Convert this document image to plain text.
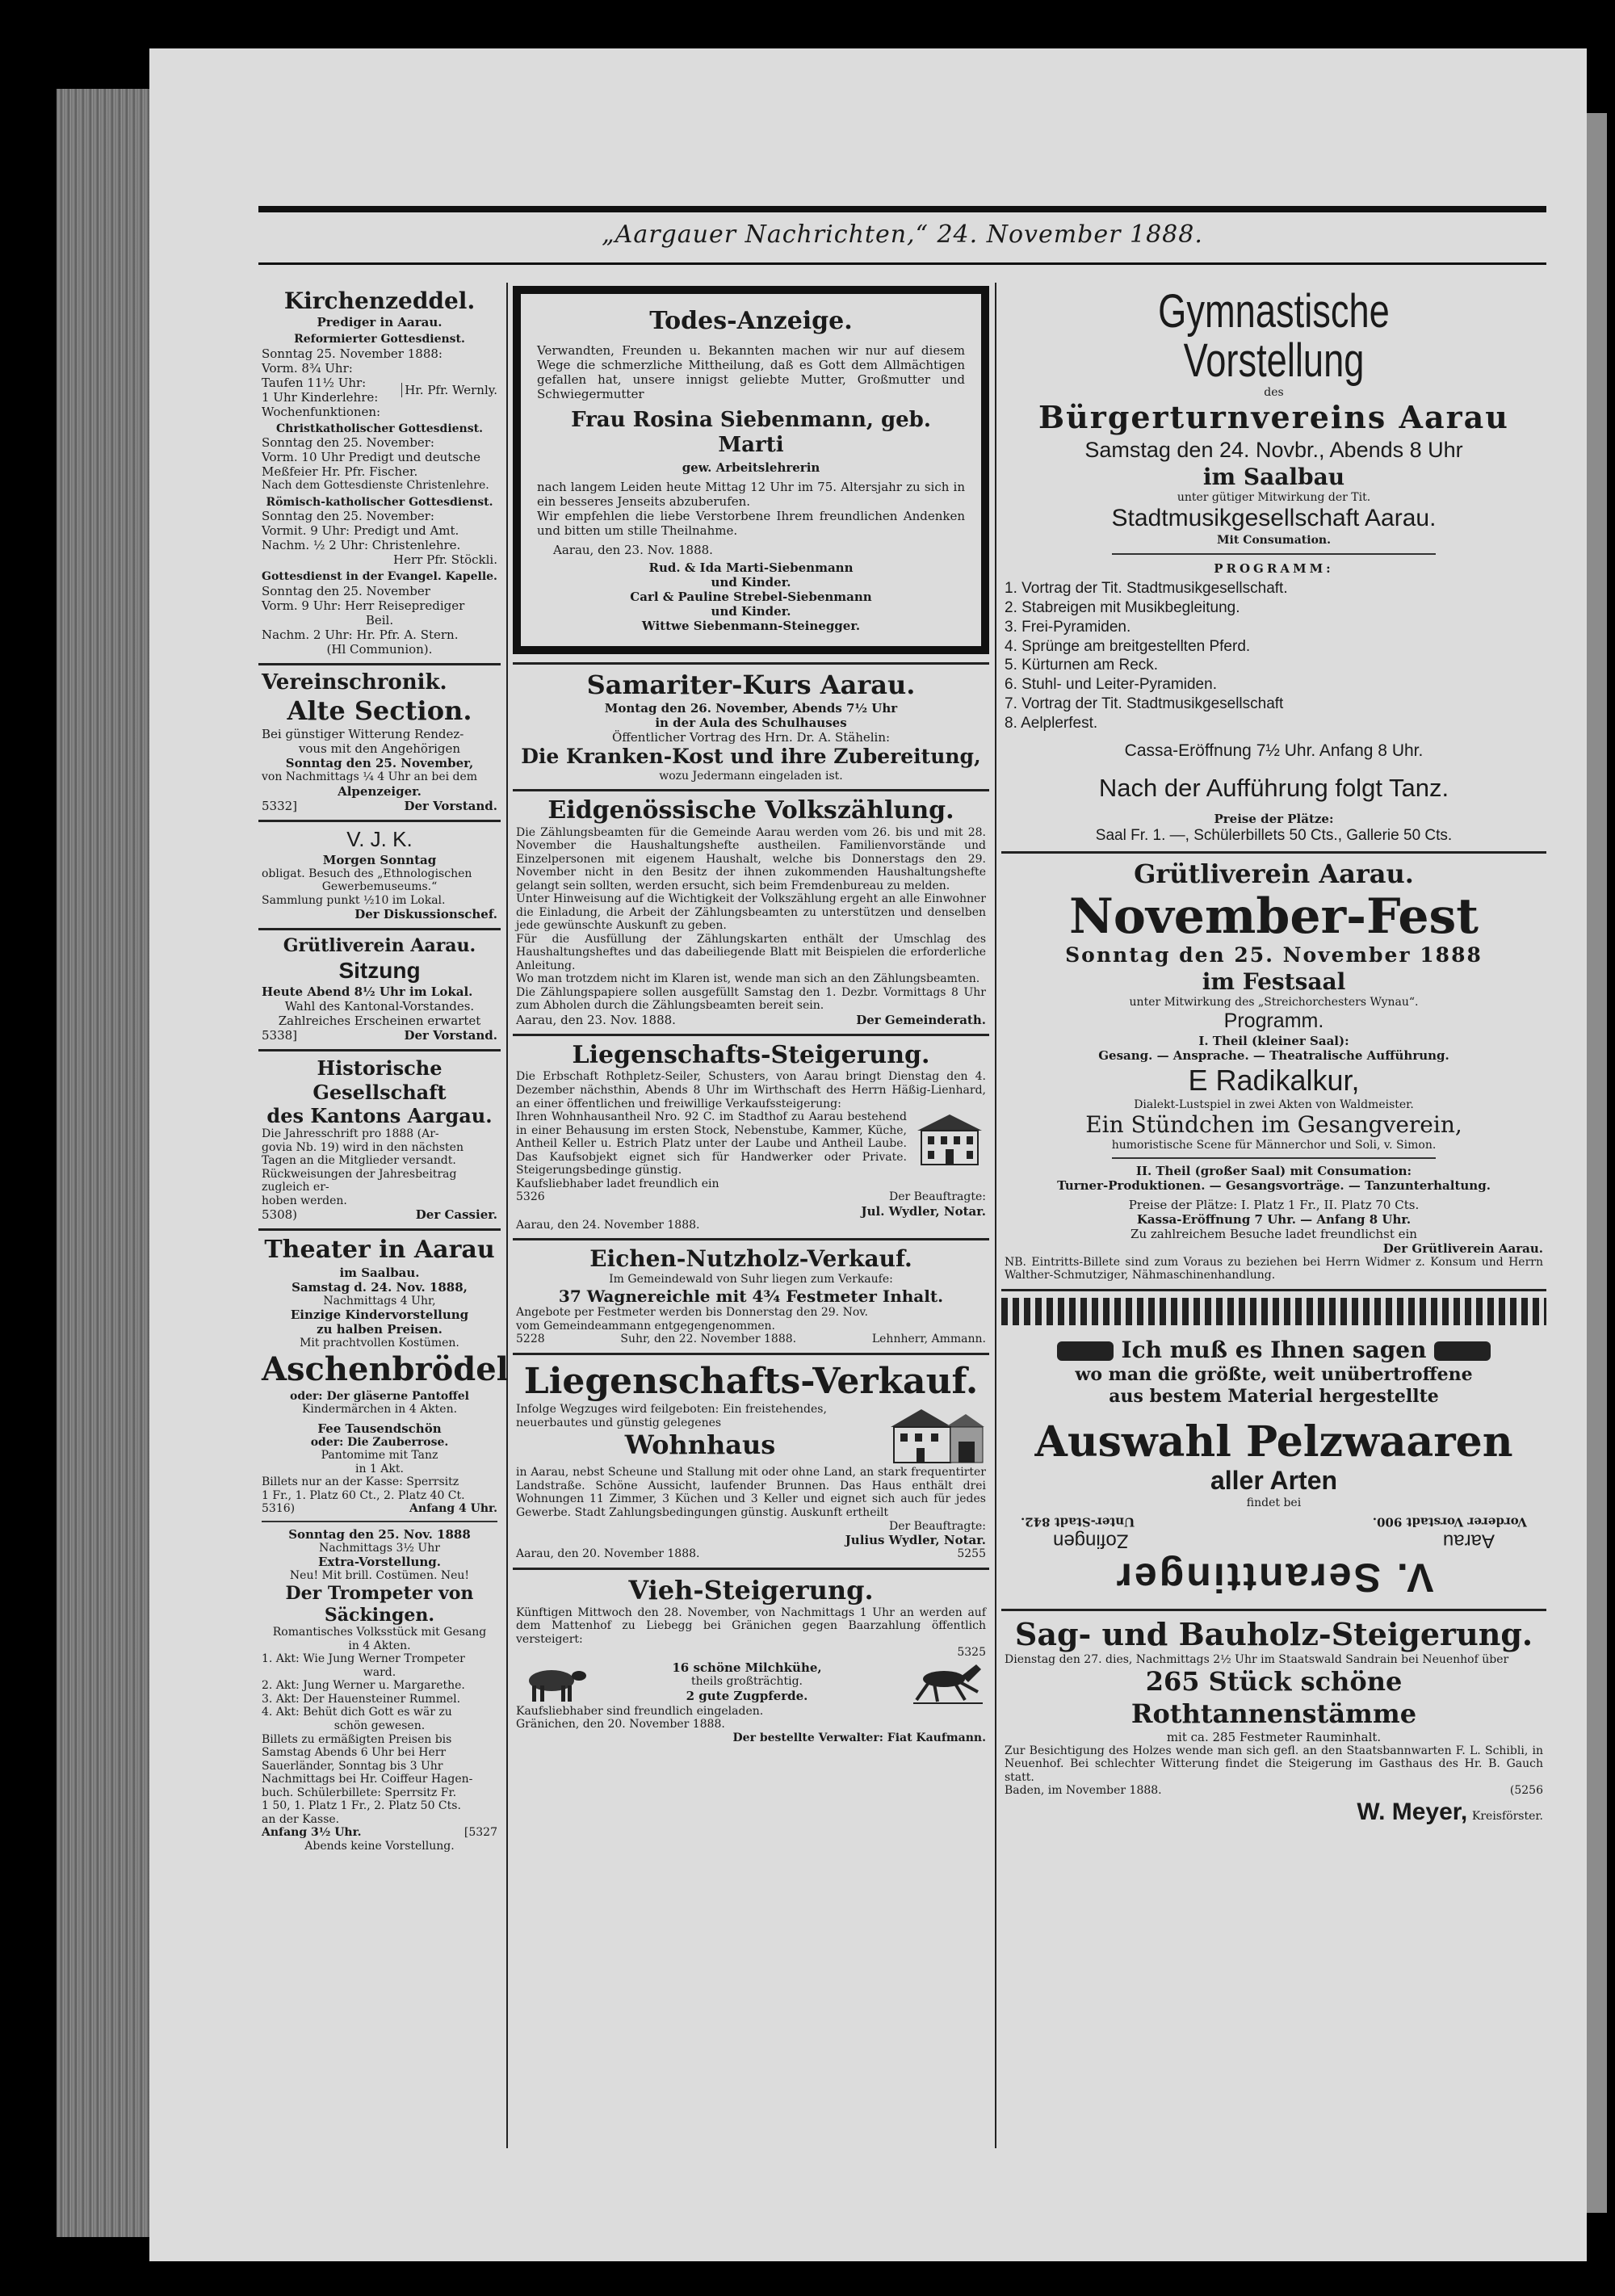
„Aargauer Nachrichten,“ 24. November 1888.
Kirchenzeddel.
Prediger in Aarau.
Reformierter Gottesdienst.
Sonntag 25. November 1888:
Vorm. 8¾ Uhr:
Taufen 11½ Uhr:
1 Uhr Kinderlehre:
Wochenfunktionen:
Hr. Pfr. Wernly.
Christkatholischer Gottesdienst.
Sonntag den 25. November:
Vorm. 10 Uhr Predigt und deutsche
Meßfeier Hr. Pfr. Fischer.
Nach dem Gottesdienste Christenlehre.
Römisch-katholischer Gottesdienst.
Sonntag den 25. November:
Vormit. 9 Uhr: Predigt und Amt.
Nachm. ½ 2 Uhr: Christenlehre.
Herr Pfr. Stöckli.
Gottesdienst in der Evangel. Kapelle.
Sonntag den 25. November
Vorm. 9 Uhr: Herr Reiseprediger
Beil.
Nachm. 2 Uhr: Hr. Pfr. A. Stern.
(Hl Communion).
Vereinschronik.
Alte Section.
Bei günstiger Witterung Rendez-
vous mit den Angehörigen
Sonntag den 25. November,
von Nachmittags ¼ 4 Uhr an bei dem
Alpenzeiger.
5332]	Der Vorstand.
V. J. K.
Morgen Sonntag
obligat. Besuch des „Ethnologischen
Gewerbemuseums.“
Sammlung punkt ½10 im Lokal.
Der Diskussionschef.
Grütliverein Aarau.
Sitzung
Heute Abend 8½ Uhr im Lokal.
Wahl des Kantonal-Vorstandes.
Zahlreiches Erscheinen erwartet
5338]	Der Vorstand.
Historische Gesellschaft
des Kantons Aargau.
Die Jahresschrift pro 1888 (Ar-
govia Nb. 19) wird in den nächsten
Tagen an die Mitglieder versandt.
Rückweisungen der Jahresbeitrag zugleich er-
hoben werden.
5308)	Der Cassier.
Theater in Aarau
im Saalbau.
Samstag d. 24. Nov. 1888,
Nachmittags 4 Uhr,
Einzige Kindervorstellung
zu halben Preisen.
Mit prachtvollen Kostümen.
Aschenbrödel
oder: Der gläserne Pantoffel
Kindermärchen in 4 Akten.
Fee Tausendschön
oder: Die Zauberrose.
Pantomime mit Tanz
in 1 Akt.
Billets nur an der Kasse: Sperrsitz
1 Fr., 1. Platz 60 Ct., 2. Platz 40 Ct.
5316)	Anfang 4 Uhr.
Sonntag den 25. Nov. 1888
Nachmittags 3½ Uhr
Extra-Vorstellung.
Neu! Mit brill. Costümen. Neu!
Der Trompeter von Säckingen.
Romantisches Volksstück mit Gesang
in 4 Akten.
1. Akt: Wie Jung Werner Trompeter
ward.
2. Akt: Jung Werner u. Margarethe.
3. Akt: Der Hauensteiner Rummel.
4. Akt: Behüt dich Gott es wär zu
schön gewesen.
Billets zu ermäßigten Preisen bis
Samstag Abends 6 Uhr bei Herr
Sauerländer, Sonntag bis 3 Uhr
Nachmittags bei Hr. Coiffeur Hagen-
buch. Schülerbillete: Sperrsitz Fr.
1 50, 1. Platz 1 Fr., 2. Platz 50 Cts.
an der Kasse.
Anfang 3½ Uhr.	[5327
Abends keine Vorstellung.
Todes-Anzeige.
Verwandten, Freunden u. Bekannten machen wir nur auf diesem Wege die schmerzliche Mittheilung, daß es Gott dem Allmächtigen gefallen hat, unsere innigst geliebte Mutter, Großmutter und Schwiegermutter
Frau Rosina Siebenmann, geb. Marti
gew. Arbeitslehrerin
nach langem Leiden heute Mittag 12 Uhr im 75. Altersjahr zu sich in ein besseres Jenseits abzuberufen.
Wir empfehlen die liebe Verstorbene Ihrem freundlichen Andenken und bitten um stille Theilnahme.
Aarau, den 23. Nov. 1888.
Rud. & Ida Marti-Siebenmann
und Kinder.
Carl & Pauline Strebel-Siebenmann
und Kinder.
Wittwe Siebenmann-Steinegger.
Samariter-Kurs Aarau.
Montag den 26. November, Abends 7½ Uhr
in der Aula des Schulhauses
Öffentlicher Vortrag des Hrn. Dr. A. Stähelin:
Die Kranken-Kost und ihre Zubereitung,
wozu Jedermann eingeladen ist.
Eidgenössische Volkszählung.
Die Zählungsbeamten für die Gemeinde Aarau werden vom 26. bis und mit 28. November die Haushaltungshefte austheilen. Familienvorstände und Einzelpersonen mit eigenem Haushalt, welche bis Donnerstags den 29. November nicht in den Besitz der ihnen zukommenden Haushaltungshefte gelangt sein sollten, werden ersucht, sich beim Fremdenbureau zu melden.
Unter Hinweisung auf die Wichtigkeit der Volkszählung ergeht an alle Einwohner die Einladung, die Arbeit der Zählungsbeamten zu unterstützen und denselben jede gewünschte Auskunft zu geben.
Für die Ausfüllung der Zählungskarten enthält der Umschlag des Haushaltungsheftes und das dabeiliegende Blatt mit Beispielen die erforderliche Anleitung.
Wo man trotzdem nicht im Klaren ist, wende man sich an den Zählungsbeamten.
Die Zählungspapiere sollen ausgefüllt Samstag den 1. Dezbr. Vormittags 8 Uhr zum Abholen durch die Zählungsbeamten bereit sein.
Aarau, den 23. Nov. 1888.	Der Gemeinderath.
Liegenschafts-Steigerung.
Die Erbschaft Rothpletz-Seiler, Schusters, von Aarau bringt Dienstag den 4. Dezember nächsthin, Abends 8 Uhr im Wirthschaft des Herrn Häßig-Lienhard, an einer öffentlichen und freiwillige Verkaufssteigerung:
Ihren Wohnhausantheil Nro. 92 C. im Stadthof zu Aarau bestehend in einer Behausung im ersten Stock, Nebenstube, Kammer, Küche, Antheil Keller u. Estrich Platz unter der Laube und Antheil Laube. Das Kaufsobjekt eignet sich für Handwerker oder Private. Steigerungsbedinge günstig.
Kaufsliebhaber ladet freundlich ein
5326	Der Beauftragte:
Jul. Wydler, Notar.
Aarau, den 24. November 1888.
Eichen-Nutzholz-Verkauf.
Im Gemeindewald von Suhr liegen zum Verkaufe:
37 Wagnereichle mit 4¾ Festmeter Inhalt.
Angebote per Festmeter werden bis Donnerstag den 29. Nov.
vom Gemeindeammann entgegengenommen.
5228	Suhr, den 22. November 1888.	Lehnherr, Ammann.
Liegenschafts-Verkauf.
Infolge Wegzuges wird feilgeboten: Ein freistehendes, neuerbautes und günstig gelegenes
Wohnhaus
in Aarau, nebst Scheune und Stallung mit oder ohne Land, an stark frequentirter Landstraße. Schöne Aussicht, laufender Brunnen. Das Haus enthält drei Wohnungen 11 Zimmer, 3 Küchen und 3 Keller und eignet sich auch für jedes Gewerbe. Stadt Zahlungsbedingungen günstig. Auskunft ertheilt
Der Beauftragte:
Julius Wydler, Notar.
Aarau, den 20. November 1888.	5255
Vieh-Steigerung.
Künftigen Mittwoch den 28. November, von Nachmittags 1 Uhr an werden auf dem Mattenhof zu Liebegg bei Gränichen gegen Baarzahlung öffentlich versteigert:
5325
16 schöne Milchkühe,
theils großträchtig.
2 gute Zugpferde.
Kaufsliebhaber sind freundlich eingeladen.
Gränichen, den 20. November 1888.
Der bestellte Verwalter: Fiat Kaufmann.
Gymnastische Vorstellung
des
Bürgerturnvereins Aarau
Samstag den 24. Novbr., Abends 8 Uhr
im Saalbau
unter gütiger Mitwirkung der Tit.
Stadtmusikgesellschaft Aarau.
Mit Consumation.
PROGRAMM:
1. Vortrag der Tit. Stadtmusikgesellschaft.
2. Stabreigen mit Musikbegleitung.
3. Frei-Pyramiden.
4. Sprünge am breitgestellten Pferd.
5. Kürturnen am Reck.
6. Stuhl- und Leiter-Pyramiden.
7. Vortrag der Tit. Stadtmusikgesellschaft
8. Aelplerfest.
Cassa-Eröffnung 7½ Uhr. Anfang 8 Uhr.
Nach der Aufführung folgt Tanz.
Preise der Plätze:
Saal Fr. 1. —, Schülerbillets 50 Cts., Gallerie 50 Cts.
Grütliverein Aarau.
November-Fest
Sonntag den 25. November 1888
im Festsaal
unter Mitwirkung des „Streichorchesters Wynau“.
Programm.
I. Theil (kleiner Saal):
Gesang. — Ansprache. — Theatralische Aufführung.
E Radikalkur,
Dialekt-Lustspiel in zwei Akten von Waldmeister.
Ein Stündchen im Gesangverein,
humoristische Scene für Männerchor und Soli, v. Simon.
II. Theil (großer Saal) mit Consumation:
Turner-Produktionen. — Gesangsvorträge. — Tanzunterhaltung.
Preise der Plätze: I. Platz 1 Fr., II. Platz 70 Cts.
Kassa-Eröffnung 7 Uhr. — Anfang 8 Uhr.
Zu zahlreichem Besuche ladet freundlichst ein
Der Grütliverein Aarau.
NB. Eintritts-Billete sind zum Voraus zu beziehen bei Herrn Widmer z. Konsum und Herrn Walther-Schmutziger, Nähmaschinenhandlung.
Ich muß es Ihnen sagen
wo man die größte, weit unübertroffene
aus bestem Material hergestellte
Auswahl Pelzwaaren
aller Arten
findet bei
V. Seranttinger
Aarau
Zofingen
Vorderer Vorstadt 900.
Unter-Stadt 842.
Sag- und Bauholz-Steigerung.
Dienstag den 27. dies, Nachmittags 2½ Uhr im Staatswald Sandrain bei Neuenhof über
265 Stück schöne Rothtannenstämme
mit ca. 285 Festmeter Rauminhalt.
Zur Besichtigung des Holzes wende man sich gefl. an den Staatsbannwarten F. L. Schibli, in Neuenhof. Bei schlechter Witterung findet die Steigerung im Gasthaus des Hr. B. Gauch statt.
Baden, im November 1888.	(5256
W. Meyer, Kreisförster.
